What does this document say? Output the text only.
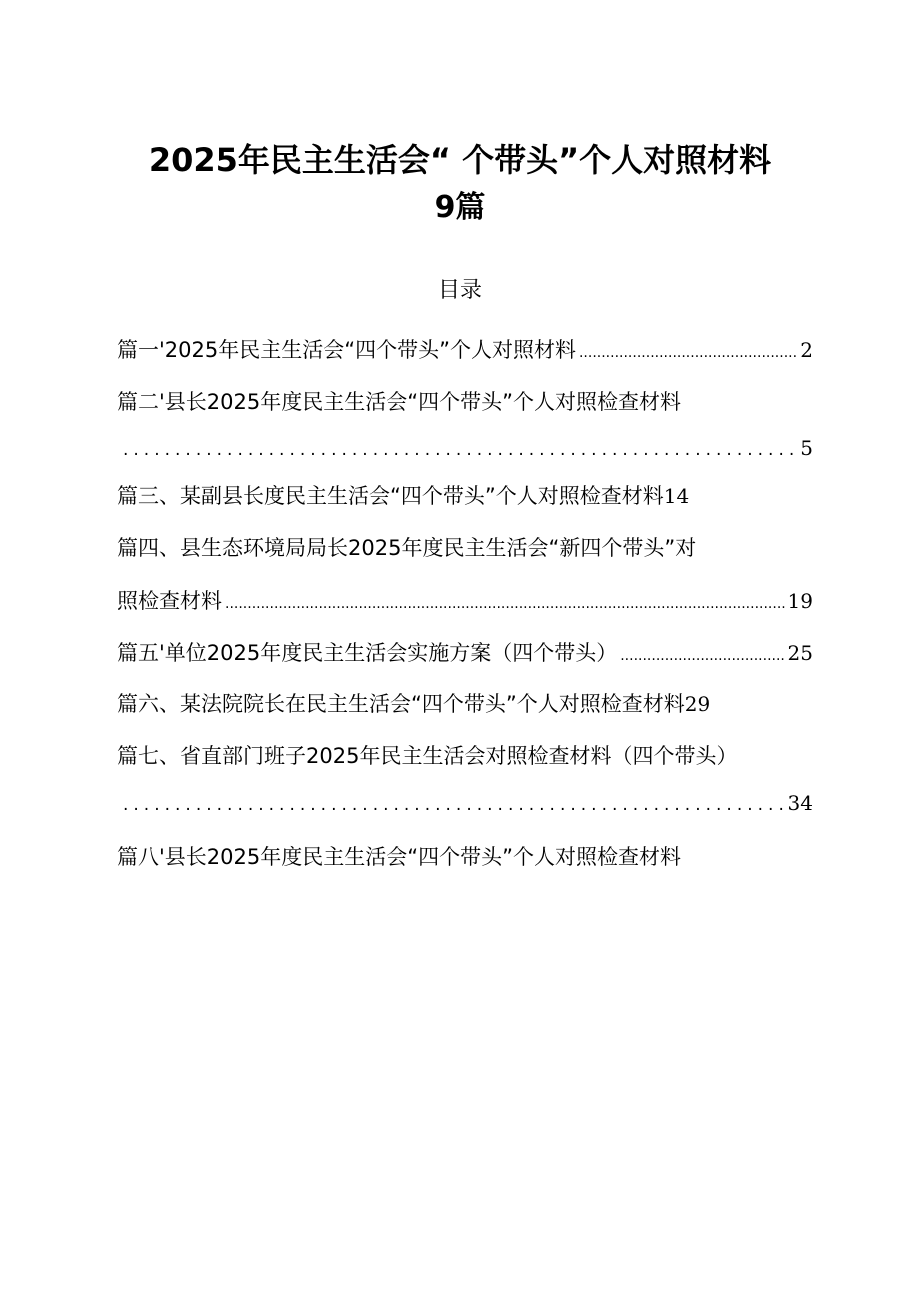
2025年民主生活会“ 个带头”个人对照材料
9篇
目录
篇一'2025年民主生活会“四个带头”个人对照材料 .....	2
篇二'县长2025年度民主生活会“四个带头”个人对照检查材料
.....
5
篇三、某副县长度民主生活会“四个带头”个人对照检查材料 14
篇四、县生态环境局局长2025年度民主生活会“新四个带头”对
照检查材料 .....	19
篇五'单位2025年度民主生活会实施方案（四个带头） .....	25
篇六、某法院院长在民主生活会“四个带头”个人对照检查材料 29
篇七、省直部门班子2025年民主生活会对照检查材料（四个带头）
.....
34
篇八'县长2025年度民主生活会“四个带头”个人对照检查材料
